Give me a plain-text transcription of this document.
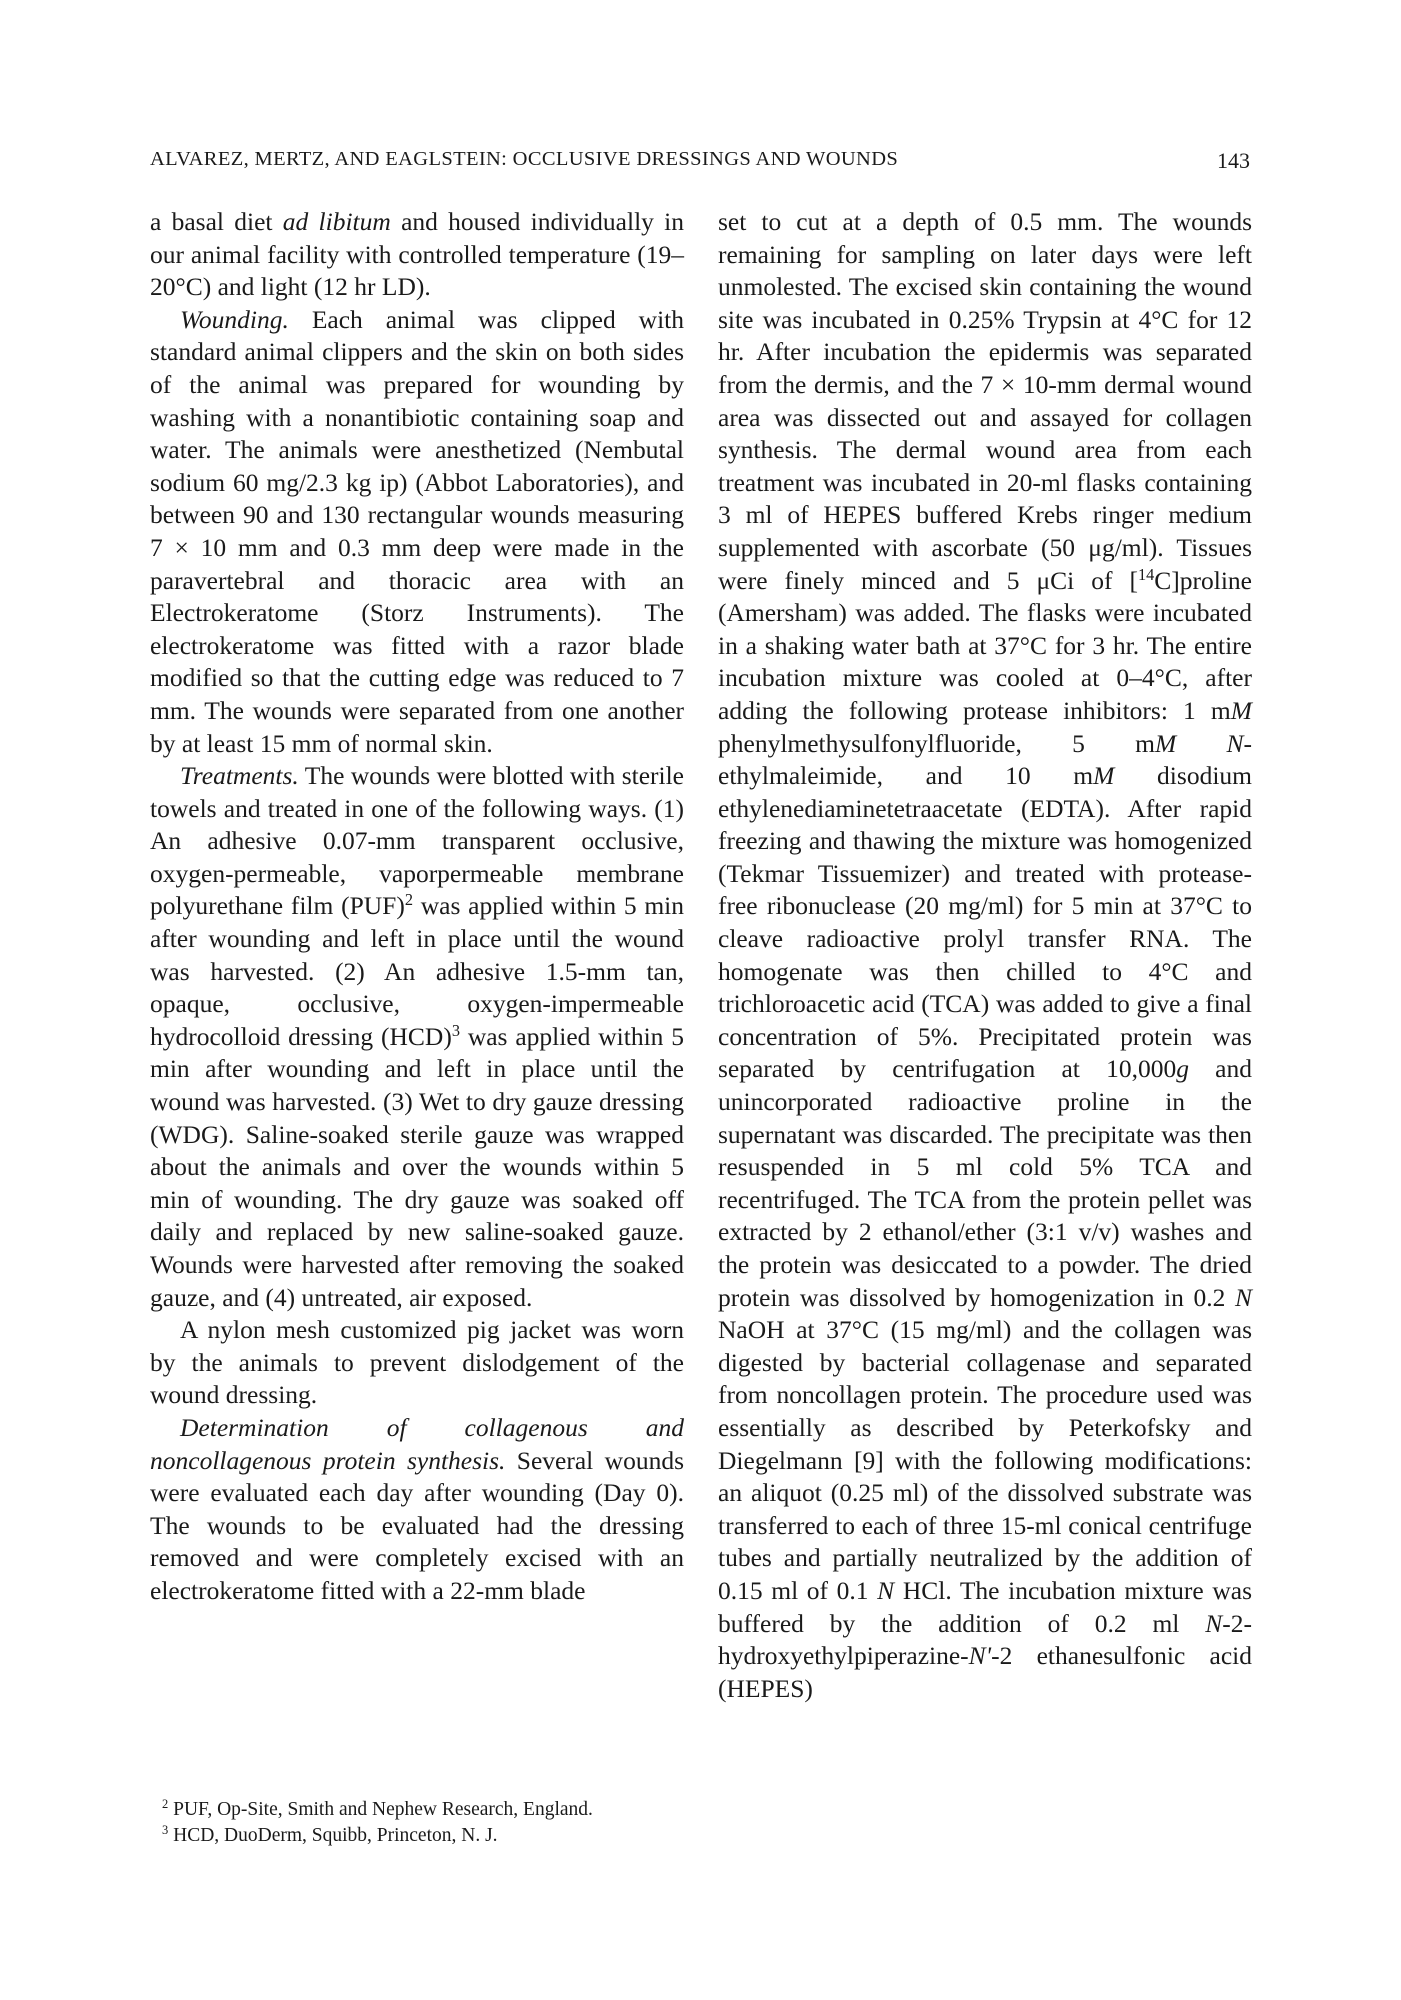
ALVAREZ, MERTZ, AND EAGLSTEIN: OCCLUSIVE DRESSINGS AND WOUNDS	143

a basal diet ad libitum and housed individually in our animal facility with controlled temperature (19–20°C) and light (12 hr LD).

Wounding. Each animal was clipped with standard animal clippers and the skin on both sides of the animal was prepared for wounding by washing with a nonantibiotic containing soap and water. The animals were anesthetized (Nembutal sodium 60 mg/2.3 kg ip) (Abbot Laboratories), and between 90 and 130 rectangular wounds measuring 7 × 10 mm and 0.3 mm deep were made in the paravertebral and thoracic area with an Electrokeratome (Storz Instruments). The electrokeratome was fitted with a razor blade modified so that the cutting edge was reduced to 7 mm. The wounds were separated from one another by at least 15 mm of normal skin.

Treatments. The wounds were blotted with sterile towels and treated in one of the following ways. (1) An adhesive 0.07-mm transparent occlusive, oxygen-permeable, vaporpermeable membrane polyurethane film (PUF)$^2$ was applied within 5 min after wounding and left in place until the wound was harvested. (2) An adhesive 1.5-mm tan, opaque, occlusive, oxygen-impermeable hydrocolloid dressing (HCD)$^3$ was applied within 5 min after wounding and left in place until the wound was harvested. (3) Wet to dry gauze dressing (WDG). Saline-soaked sterile gauze was wrapped about the animals and over the wounds within 5 min of wounding. The dry gauze was soaked off daily and replaced by new saline-soaked gauze. Wounds were harvested after removing the soaked gauze, and (4) untreated, air exposed.

A nylon mesh customized pig jacket was worn by the animals to prevent dislodgement of the wound dressing.

Determination of collagenous and noncollagenous protein synthesis. Several wounds were evaluated each day after wounding (Day 0). The wounds to be evaluated had the dressing removed and were completely excised with an electrokeratome fitted with a 22-mm blade

$^2$ PUF, Op-Site, Smith and Nephew Research, England.
$^3$ HCD, DuoDerm, Squibb, Princeton, N. J.

set to cut at a depth of 0.5 mm. The wounds remaining for sampling on later days were left unmolested. The excised skin containing the wound site was incubated in 0.25% Trypsin at 4°C for 12 hr. After incubation the epidermis was separated from the dermis, and the 7 × 10-mm dermal wound area was dissected out and assayed for collagen synthesis. The dermal wound area from each treatment was incubated in 20-ml flasks containing 3 ml of HEPES buffered Krebs ringer medium supplemented with ascorbate (50 μg/ml). Tissues were finely minced and 5 μCi of [$^{14}$C]proline (Amersham) was added. The flasks were incubated in a shaking water bath at 37°C for 3 hr. The entire incubation mixture was cooled at 0–4°C, after adding the following protease inhibitors: 1 mM phenylmethysulfonylfluoride, 5 mM N-ethylmaleimide, and 10 mM disodium ethylenediaminetetraacetate (EDTA). After rapid freezing and thawing the mixture was homogenized (Tekmar Tissuemizer) and treated with protease-free ribonuclease (20 mg/ml) for 5 min at 37°C to cleave radioactive prolyl transfer RNA. The homogenate was then chilled to 4°C and trichloroacetic acid (TCA) was added to give a final concentration of 5%. Precipitated protein was separated by centrifugation at 10,000g and unincorporated radioactive proline in the supernatant was discarded. The precipitate was then resuspended in 5 ml cold 5% TCA and recentrifuged. The TCA from the protein pellet was extracted by 2 ethanol/ether (3:1 v/v) washes and the protein was desiccated to a powder. The dried protein was dissolved by homogenization in 0.2 N NaOH at 37°C (15 mg/ml) and the collagen was digested by bacterial collagenase and separated from noncollagen protein. The procedure used was essentially as described by Peterkofsky and Diegelmann [9] with the following modifications: an aliquot (0.25 ml) of the dissolved substrate was transferred to each of three 15-ml conical centrifuge tubes and partially neutralized by the addition of 0.15 ml of 0.1 N HCl. The incubation mixture was buffered by the addition of 0.2 ml N-2-hydroxyethylpiperazine-N'-2 ethanesulfonic acid (HEPES)
